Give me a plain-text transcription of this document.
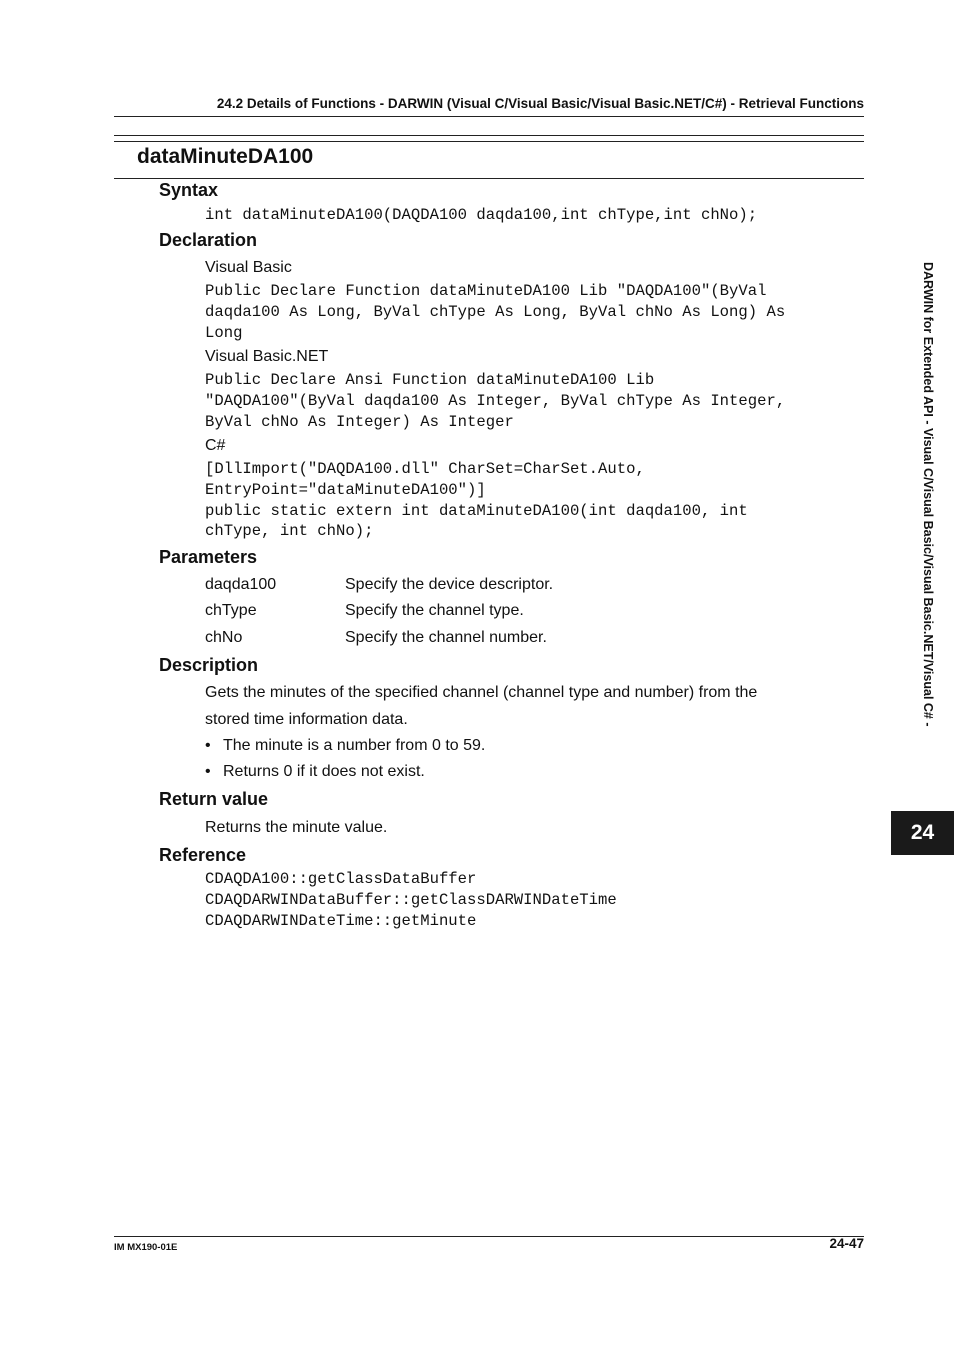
24.2 Details of Functions - DARWIN (Visual C/Visual Basic/Visual Basic.NET/C#) - Retrieval Functions
dataMinuteDA100
Syntax
int dataMinuteDA100(DAQDA100 daqda100,int chType,int chNo);
Declaration
Visual Basic
Public Declare Function dataMinuteDA100 Lib "DAQDA100"(ByVal
daqda100 As Long, ByVal chType As Long, ByVal chNo As Long) As
Long
Visual Basic.NET
Public Declare Ansi Function dataMinuteDA100 Lib
"DAQDA100"(ByVal daqda100 As Integer, ByVal chType As Integer,
ByVal chNo As Integer) As Integer
C#
[DllImport("DAQDA100.dll" CharSet=CharSet.Auto,
EntryPoint="dataMinuteDA100")]
public static extern int dataMinuteDA100(int daqda100, int
chType, int chNo);
Parameters
daqda100	Specify the device descriptor.
chType	Specify the channel type.
chNo	Specify the channel number.
Description
Gets the minutes of the specified channel (channel type and number) from the
stored time information data.
• The minute is a number from 0 to 59.
• Returns 0 if it does not exist.
Return value
Returns the minute value.
Reference
CDAQDA100::getClassDataBuffer
CDAQDARWINDataBuffer::getClassDARWINDateTime
CDAQDARWINDateTime::getMinute
DARWIN for Extended API - Visual C/Visual Basic/Visual Basic.NET/Visual C# -
24
IM MX190-01E	24-47
